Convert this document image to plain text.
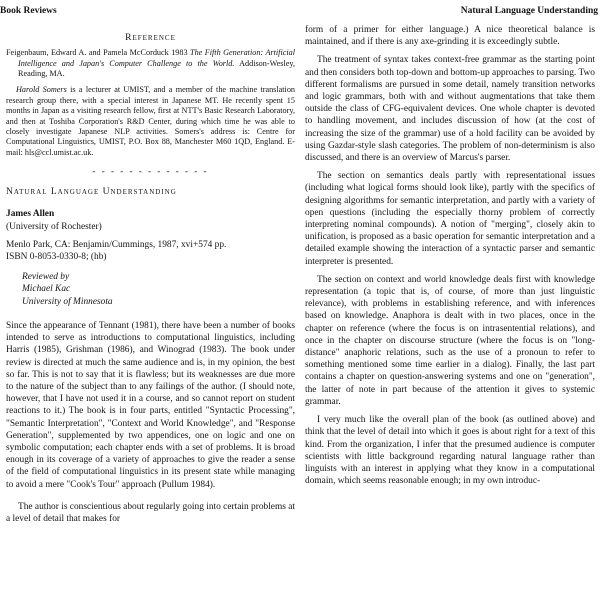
Book Reviews	Natural Language Understanding
Reference

Feigenbaum, Edward A. and Pamela McCorduck 1983 The Fifth Generation: Artificial Intelligence and Japan's Computer Challenge to the World. Addison-Wesley, Reading, MA.

Harold Somers is a lecturer at UMIST, and a member of the machine translation research group there, with a special interest in Japanese MT. He recently spent 15 months in Japan as a visiting research fellow, first at NTT's Basic Research Laboratory, and then at Toshiba Corporation's R&D Center, during which time he was able to closely investigate Japanese NLP activities. Somers's address is: Centre for Computational Linguistics, UMIST, P.O. Box 88, Manchester M60 1QD, England. E-mail: hls@ccl.umist.ac.uk.

- - - - - - - - - - - - -
Natural Language Understanding
James Allen
(University of Rochester)
Menlo Park, CA: Benjamin/Cummings, 1987, xvi+574 pp.
ISBN 0-8053-0330-8; (hb)
Reviewed by
Michael Kac
University of Minnesota

Since the appearance of Tennant (1981), there have been a number of books intended to serve as introductions to computational linguistics, including Harris (1985), Grishman (1986), and Winograd (1983). The book under review is directed at much the same audience and is, in my opinion, the best so far. This is not to say that it is flawless; but its weaknesses are due more to the nature of the subject than to any failings of the author. (I should note, however, that I have not used it in a course, and so cannot report on student reactions to it.) The book is in four parts, entitled "Syntactic Processing", "Semantic Interpretation", "Context and World Knowledge", and "Response Generation", supplemented by two appendices, one on logic and one on symbolic computation; each chapter ends with a set of problems. It is broad enough in its coverage of a variety of approaches to give the reader a sense of the field of computational linguistics in its present state while managing to avoid a mere "Cook's Tour" approach (Pullum 1984).

The author is conscientious about regularly going into certain problems at a level of detail that makes for

form of a primer for either language.) A nice theoretical balance is maintained, and if there is any axe-grinding it is exceedingly subtle.

The treatment of syntax takes context-free grammar as the starting point and then considers both top-down and bottom-up approaches to parsing. Two different formalisms are pursued in some detail, namely transition networks and logic grammars, both with and without augmentations that take them outside the class of CFG-equivalent devices. One whole chapter is devoted to handling movement, and includes discussion of how (at the cost of increasing the size of the grammar) use of a hold facility can be avoided by using Gazdar-style slash categories. The problem of non-determinism is also discussed, and there is an overview of Marcus's parser.

The section on semantics deals partly with representational issues (including what logical forms should look like), partly with the specifics of designing algorithms for semantic interpretation, and partly with a variety of open questions (including the especially thorny problem of correctly interpreting nominal compounds). A notion of "merging", closely akin to unification, is proposed as a basic operation for semantic interpretation and a detailed example showing the interaction of a syntactic parser and semantic interpreter is presented.

The section on context and world knowledge deals first with knowledge representation (a topic that is, of course, of more than just linguistic relevance), with problems in establishing reference, and with inferences based on knowledge. Anaphora is dealt with in two places, once in the chapter on reference (where the focus is on intrasentential relations), and once in the chapter on discourse structure (where the focus is on "long-distance" anaphoric relations, such as the use of a pronoun to refer to something mentioned some time earlier in a dialog). Finally, the last part contains a chapter on question-answering systems and one on "generation", the latter of note in part because of the attention it gives to systemic grammar.

I very much like the overall plan of the book (as outlined above) and think that the level of detail into which it goes is about right for a text of this kind. From the organization, I infer that the presumed audience is computer scientists with little background regarding natural language rather than linguists with an interest in applying what they know in a computational domain, which seems reasonable enough; in my own introduc-
